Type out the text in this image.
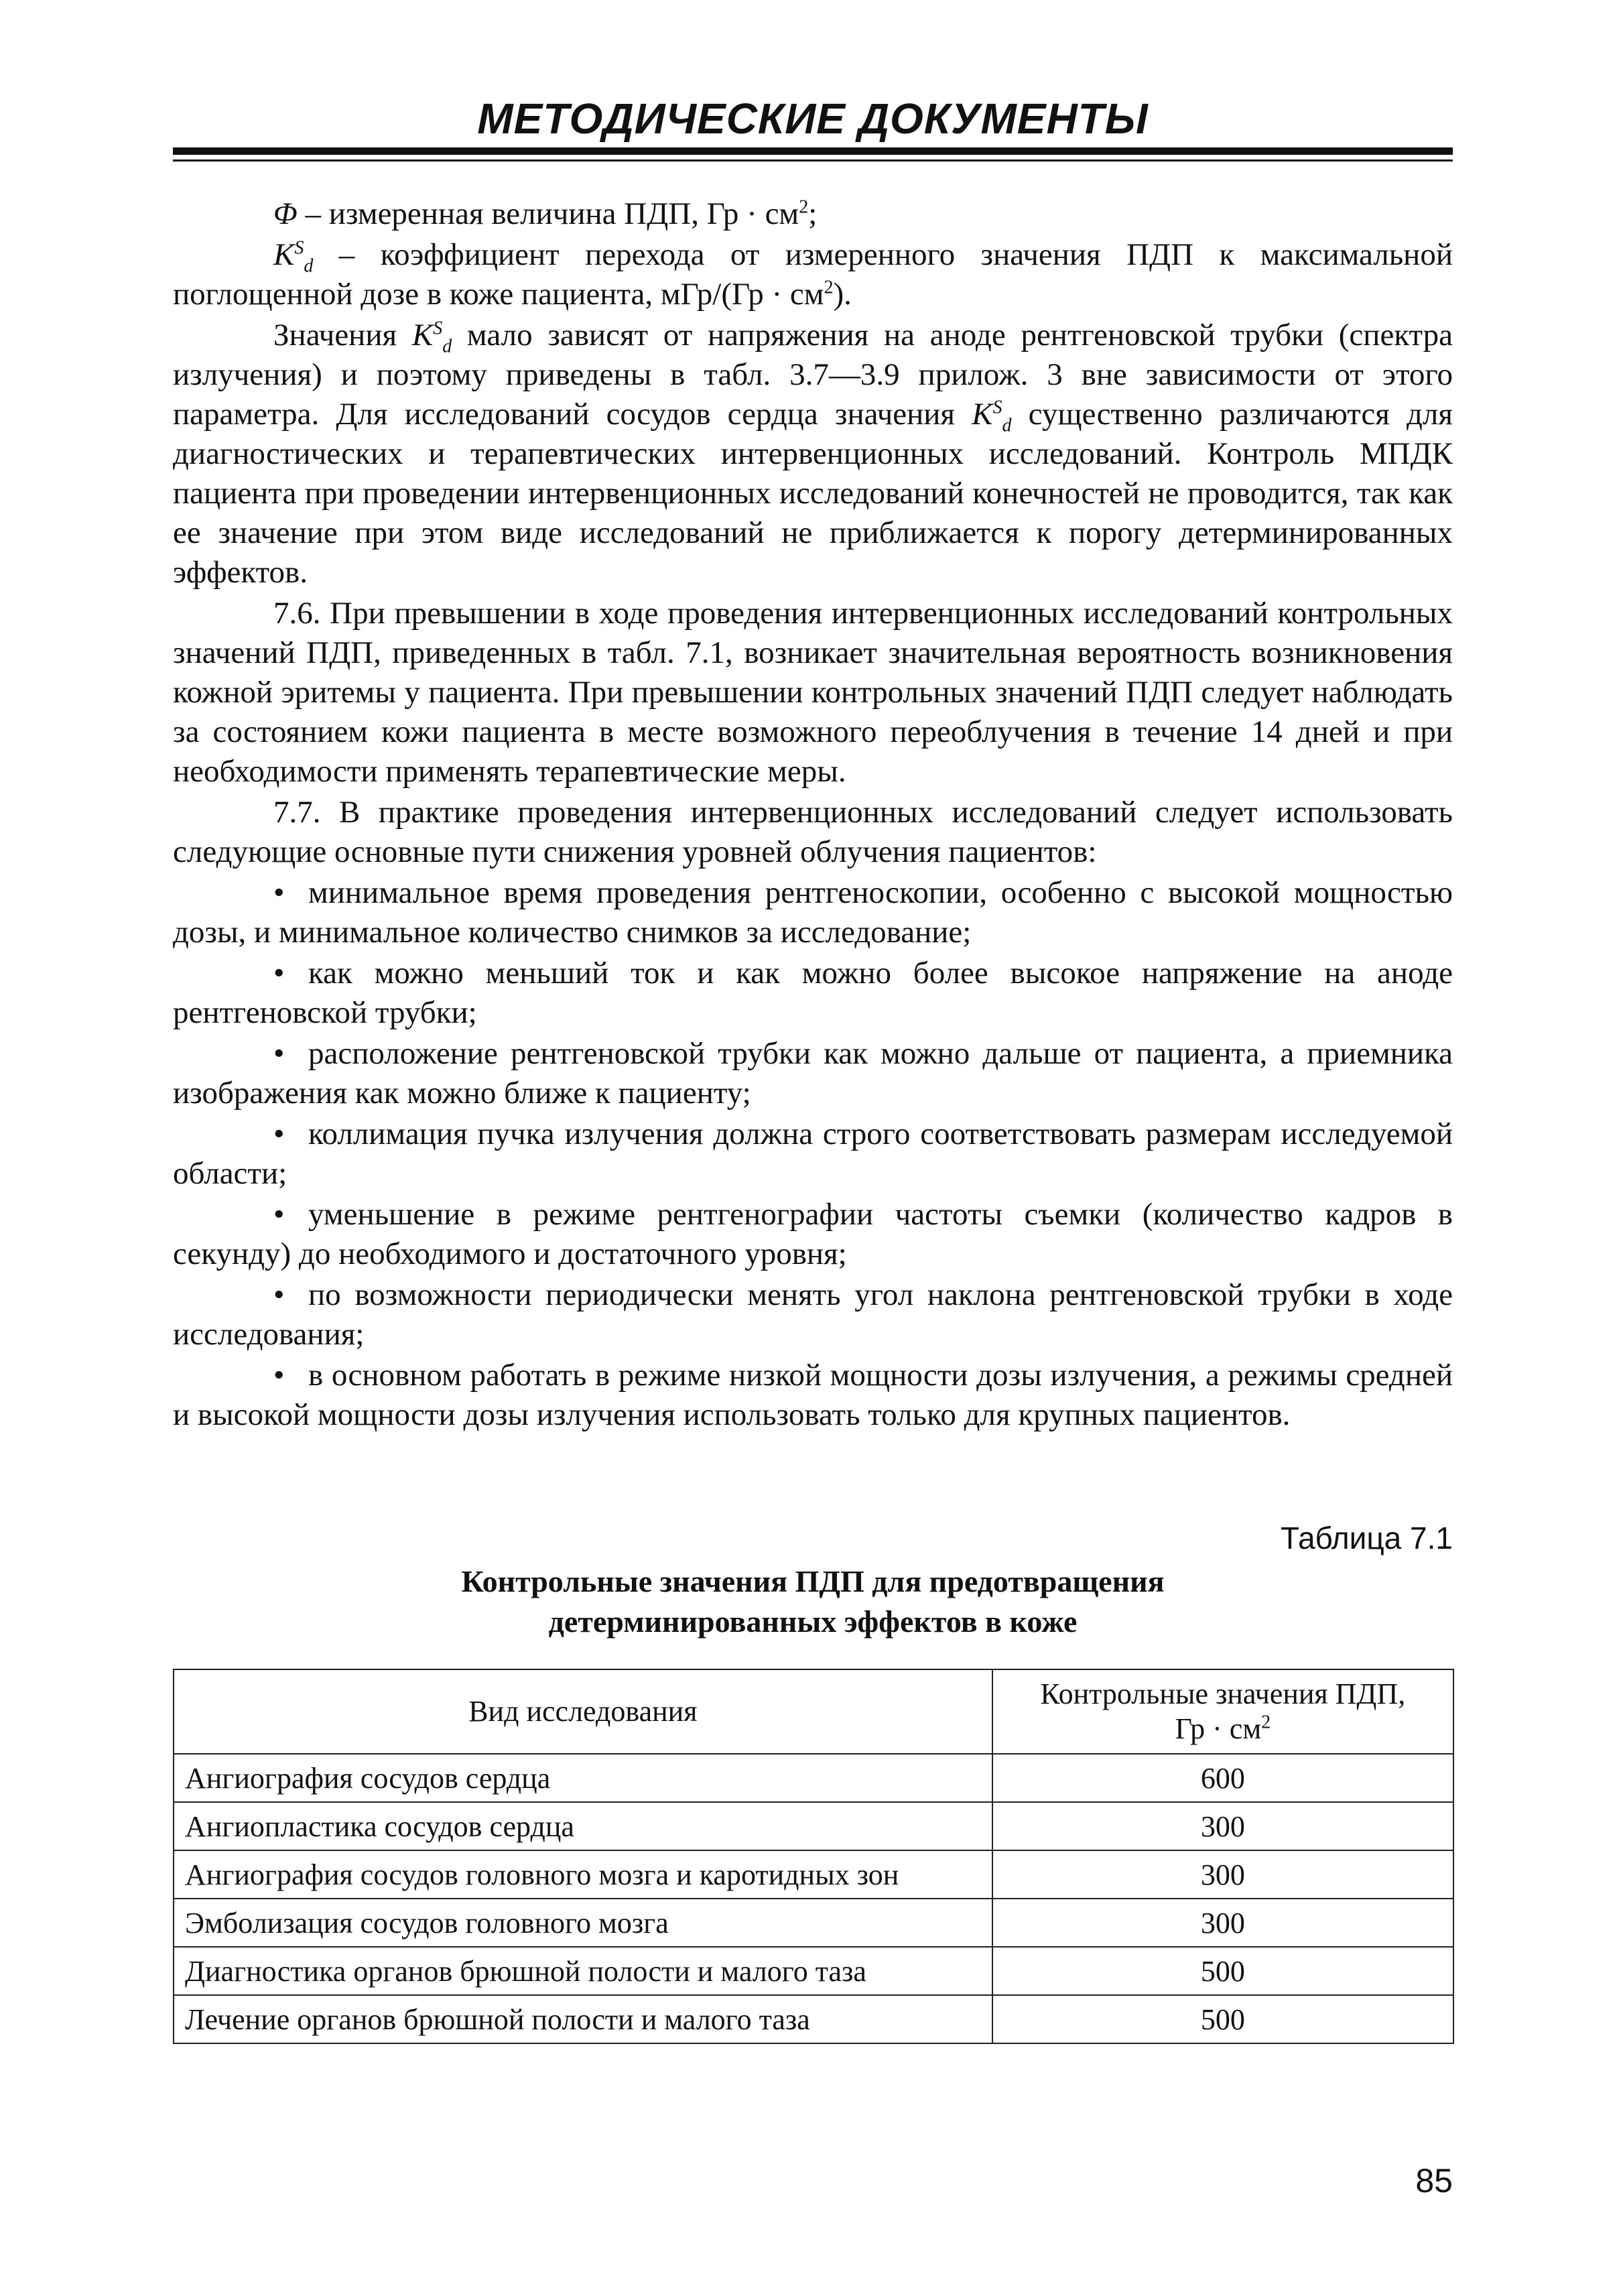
МЕТОДИЧЕСКИЕ ДОКУМЕНТЫ

Φ – измеренная величина ПДП, Гр · $см^2$;

$K^S_d$ – коэффициент перехода от измеренного значения ПДП к максимальной поглощенной дозе в коже пациента, $мГр/(Гр \cdot см^2)$.

Значения $K^S_d$ мало зависят от напряжения на аноде рентгеновской трубки (спектра излучения) и поэтому приведены в табл. 3.7—3.9 прилож. 3 вне зависимости от этого параметра. Для исследований сосудов сердца значения $K^S_d$ существенно различаются для диагностических и терапевтических интервенционных исследований. Контроль МПДК пациента при проведении интервенционных исследований конечностей не проводится, так как ее значение при этом виде исследований не приближается к порогу детерминированных эффектов.

7.6. При превышении в ходе проведения интервенционных исследований контрольных значений ПДП, приведенных в табл. 7.1, возникает значительная вероятность возникновения кожной эритемы у пациента. При превышении контрольных значений ПДП следует наблюдать за состоянием кожи пациента в месте возможного переоблучения в течение 14 дней и при необходимости применять терапевтические меры.

7.7. В практике проведения интервенционных исследований следует использовать следующие основные пути снижения уровней облучения пациентов:

• минимальное время проведения рентгеноскопии, особенно с высокой мощностью дозы, и минимальное количество снимков за исследование;

• как можно меньший ток и как можно более высокое напряжение на аноде рентгеновской трубки;

• расположение рентгеновской трубки как можно дальше от пациента, а приемника изображения как можно ближе к пациенту;

• коллимация пучка излучения должна строго соответствовать размерам исследуемой области;

• уменьшение в режиме рентгенографии частоты съемки (количество кадров в секунду) до необходимого и достаточного уровня;

• по возможности периодически менять угол наклона рентгеновской трубки в ходе исследования;

• в основном работать в режиме низкой мощности дозы излучения, а режимы средней и высокой мощности дозы излучения использовать только для крупных пациентов.

Таблица 7.1
Контрольные значения ПДП для предотвращения
детерминированных эффектов в коже
Вид исследования	Контрольные значения ПДП,
Гр · $см^2$
Ангиография сосудов сердца	600
Ангиопластика сосудов сердца	300
Ангиография сосудов головного мозга и каротидных зон	300
Эмболизация сосудов головного мозга	300
Диагностика органов брюшной полости и малого таза	500
Лечение органов брюшной полости и малого таза	500
85
